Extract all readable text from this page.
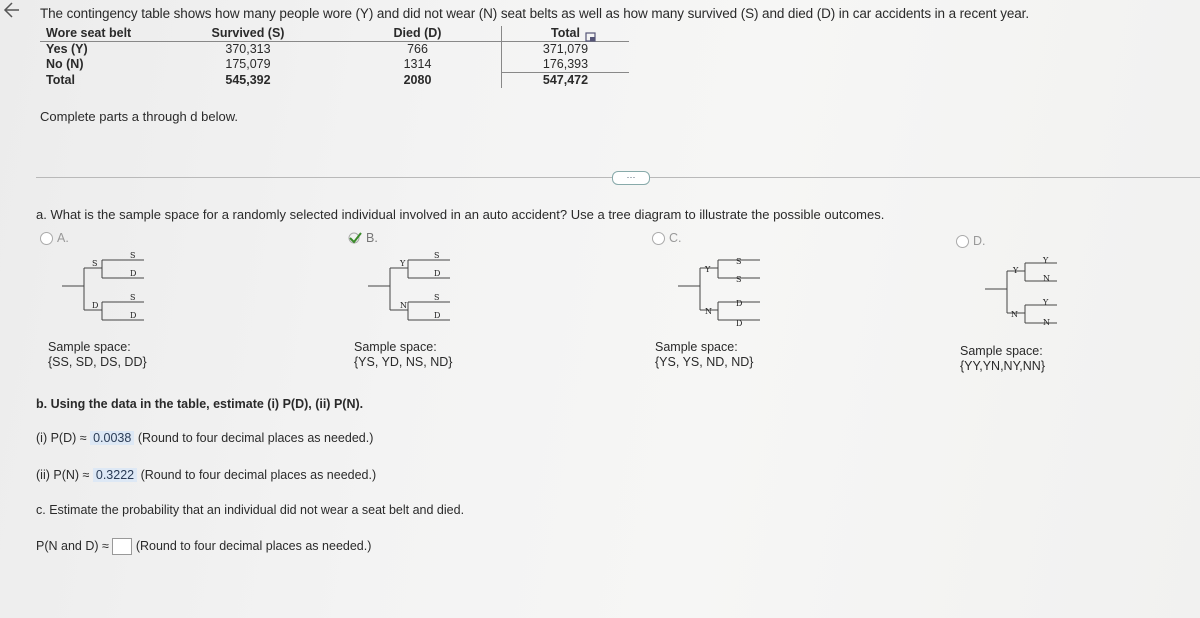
The contingency table shows how many people wore (Y) and did not wear (N) seat belts as well as how many survived (S) and died (D) in car accidents in a recent year.
Wore seat belt	Survived (S)	Died (D)	Total
Yes (Y)	370,313	766	371,079
No (N)	175,079	1314	176,393
Total	545,392	2080	547,472
Complete parts a through d below.
···
a. What is the sample space for a randomly selected individual involved in an auto accident? Use a tree diagram to illustrate the possible outcomes.
A.
S
D
S
D
S
D
Sample space:
{SS, SD, DS, DD}
B.
Y
N
S
D
S
D
Sample space:
{YS, YD, NS, ND}
C.
Y
N
S
S
D
D
Sample space:
{YS, YS, ND, ND}
D.
Y
N
Y
N
Y
N
Sample space:
{YY,YN,NY,NN}
b. Using the data in the table, estimate (i) P(D), (ii) P(N).
(i) P(D) ≈ 0.0038 (Round to four decimal places as needed.)
(ii) P(N) ≈ 0.3222 (Round to four decimal places as needed.)
c. Estimate the probability that an individual did not wear a seat belt and died.
P(N and D) ≈ (Round to four decimal places as needed.)
